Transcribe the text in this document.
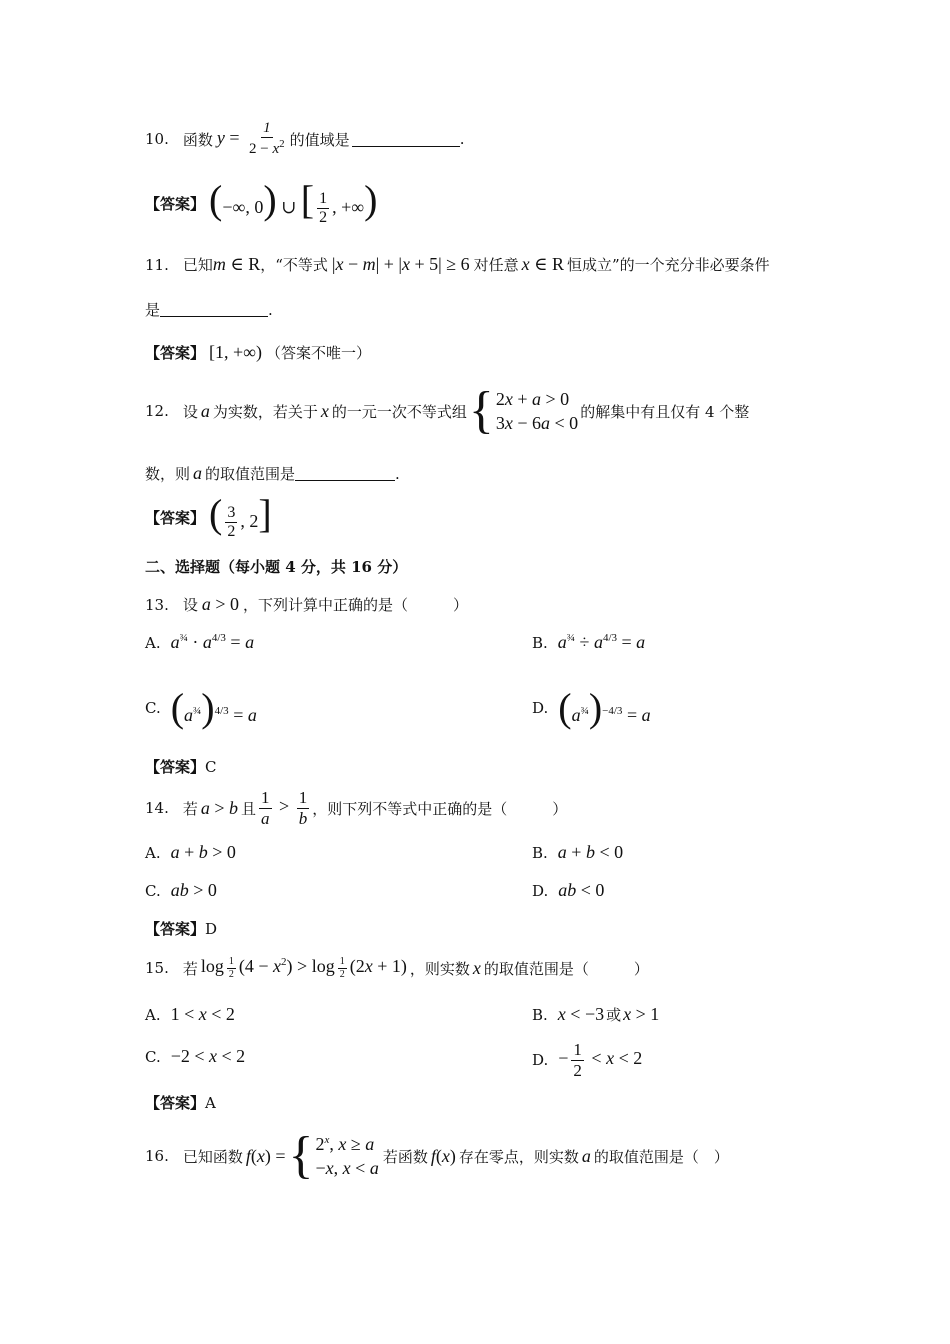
10. 函数 $y = \frac{1}{2 - x^2}$ 的值域是	.
【答案】 (−∞, 0) ∪ [ $\frac{1}{2}$ , +∞)
11. 已知 m ∈ R ，“不等式 |x − m| + |x + 5| ≥ 6 对任意 x ∈ R 恒成立”的一个充分非必要条件
是	.
【答案】 [1, +∞) （答案不唯一）
12. 设 a 为实数，若关于 x 的一元一次不等式组 { 2x + a > 0
3x − 6a < 0
的解集中有且仅有 4 个整
数，则 a 的取值范围是	.
【答案】 ( $\frac{3}{2}$ , 2]
二、选择题（每小题 4 分，共 16 分）
13. 设 a > 0 ，下列计算中正确的是（　　　）
A. $a^{\frac{3}{4}} \cdot a^{4/3} = a$	B. $a^{\frac{3}{4}} \div a^{4/3} = a$
C. $(a^{\frac{3}{4}})^{4/3} = a$	D. $(a^{\frac{3}{4}})^{-4/3} = a$
【答案】 C
14. 若 a > b 且 $\frac{1}{a} > \frac{1}{b}$ ，则下列不等式中正确的是（　　　）
A. a + b > 0	B. a + b < 0
C. ab > 0	D. ab < 0
【答案】 D
15. 若 $\log \frac{1}{2} (4 - x^2) > \log \frac{1}{2} (2x + 1)$ ，则实数 x 的取值范围是（　　　）
A. 1 < x < 2	B. x < −3 或 x > 1
C. −2 < x < 2	D. − $\frac{1}{2} < x < 2$
【答案】 A
16. 已知函数 f(x) = { 2$^x$, x ≥ a
−x, x < a
若函数 f(x) 存在零点，则实数 a 的取值范围是（　）
